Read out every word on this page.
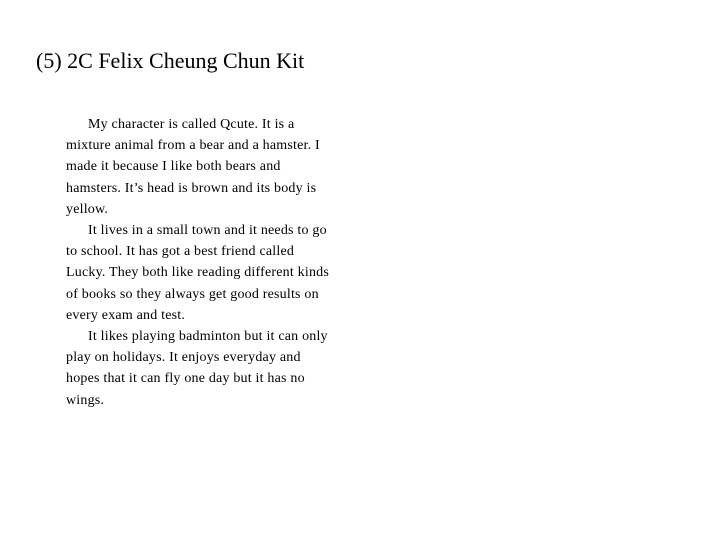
(5) 2C Felix Cheung Chun Kit

My character is called Qcute. It is a mixture animal from a bear and a hamster. I made it because I like both bears and hamsters. It’s head is brown and its body is yellow.

It lives in a small town and it needs to go to school. It has got a best friend called Lucky. They both like reading different kinds of books so they always get good results on every exam and test.

It likes playing badminton but it can only play on holidays. It enjoys everyday and hopes that it can fly one day but it has no wings.
